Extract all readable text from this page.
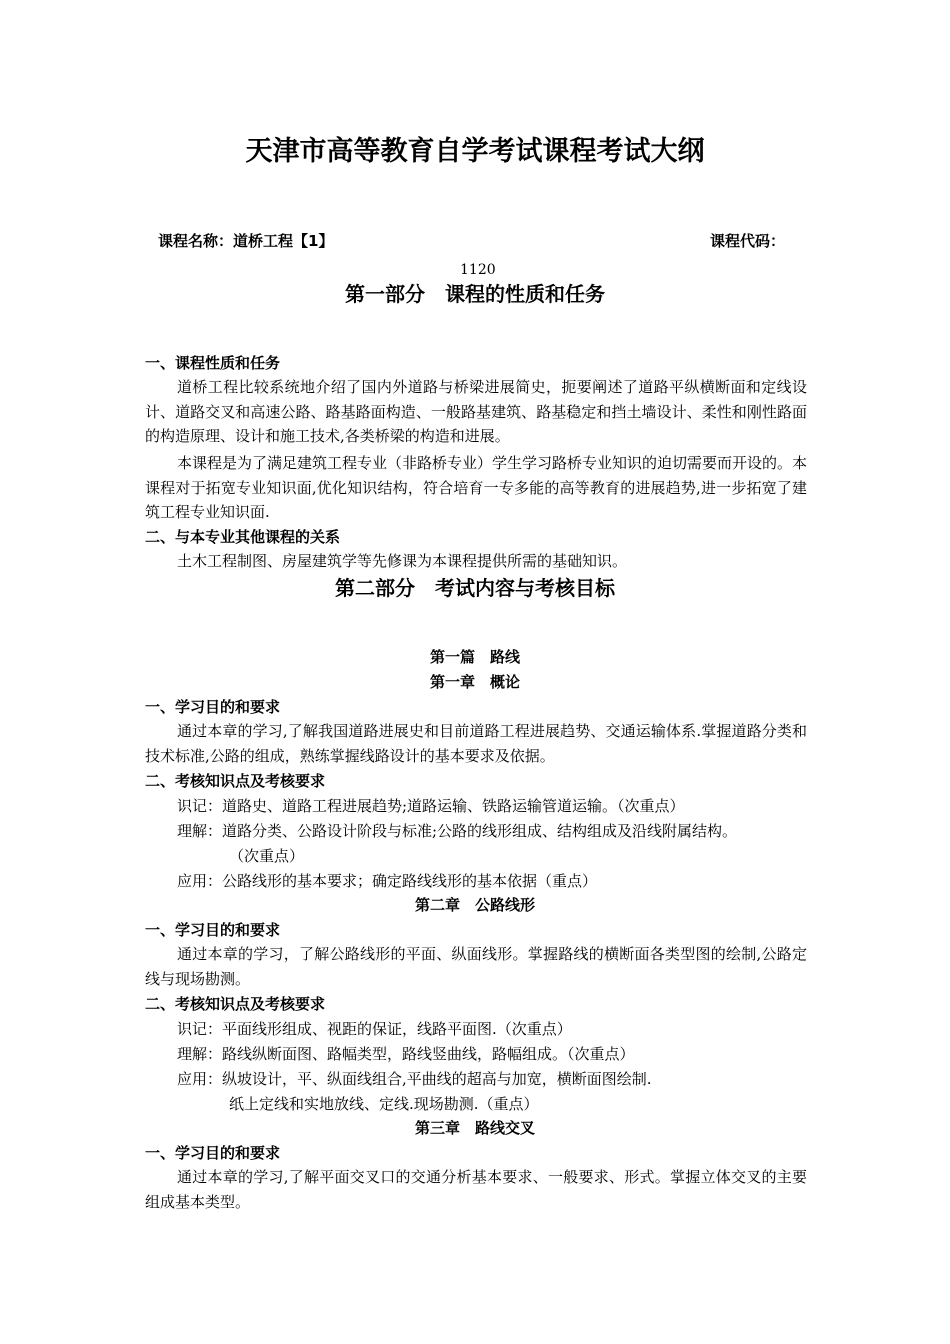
天津市高等教育自学考试课程考试大纲
课程名称：道桥工程【1】	课程代码：
1120
第一部分　课程的性质和任务
一、课程性质和任务

道桥工程比较系统地介绍了国内外道路与桥梁进展简史，扼要阐述了道路平纵横断面和定线设计、道路交叉和高速公路、路基路面构造、一般路基建筑、路基稳定和挡土墙设计、柔性和刚性路面的构造原理、设计和施工技术,各类桥梁的构造和进展。

本课程是为了满足建筑工程专业（非路桥专业）学生学习路桥专业知识的迫切需要而开设的。本课程对于拓宽专业知识面,优化知识结构，符合培育一专多能的高等教育的进展趋势,进一步拓宽了建筑工程专业知识面.

二、与本专业其他课程的关系

土木工程制图、房屋建筑学等先修课为本课程提供所需的基础知识。

第二部分　考试内容与考核目标
第一篇　路线
第一章　概论
一、学习目的和要求

通过本章的学习,了解我国道路进展史和目前道路工程进展趋势、交通运输体系.掌握道路分类和技术标准,公路的组成，熟练掌握线路设计的基本要求及依据。

二、考核知识点及考核要求
识记：道路史、道路工程进展趋势;道路运输、铁路运输管道运输。（次重点）
理解：道路分类、公路设计阶段与标准;公路的线形组成、结构组成及沿线附属结构。
（次重点）
应用：公路线形的基本要求；确定路线线形的基本依据（重点）
第二章　公路线形
一、学习目的和要求

通过本章的学习，了解公路线形的平面、纵面线形。掌握路线的横断面各类型图的绘制,公路定线与现场勘测。

二、考核知识点及考核要求
识记：平面线形组成、视距的保证，线路平面图.（次重点）
理解：路线纵断面图、路幅类型，路线竖曲线，路幅组成。（次重点）
应用：纵坡设计，平、纵面线组合,平曲线的超高与加宽，横断面图绘制.
纸上定线和实地放线、定线.现场勘测.（重点）
第三章　路线交叉
一、学习目的和要求

通过本章的学习,了解平面交叉口的交通分析基本要求、一般要求、形式。掌握立体交叉的主要组成基本类型。
